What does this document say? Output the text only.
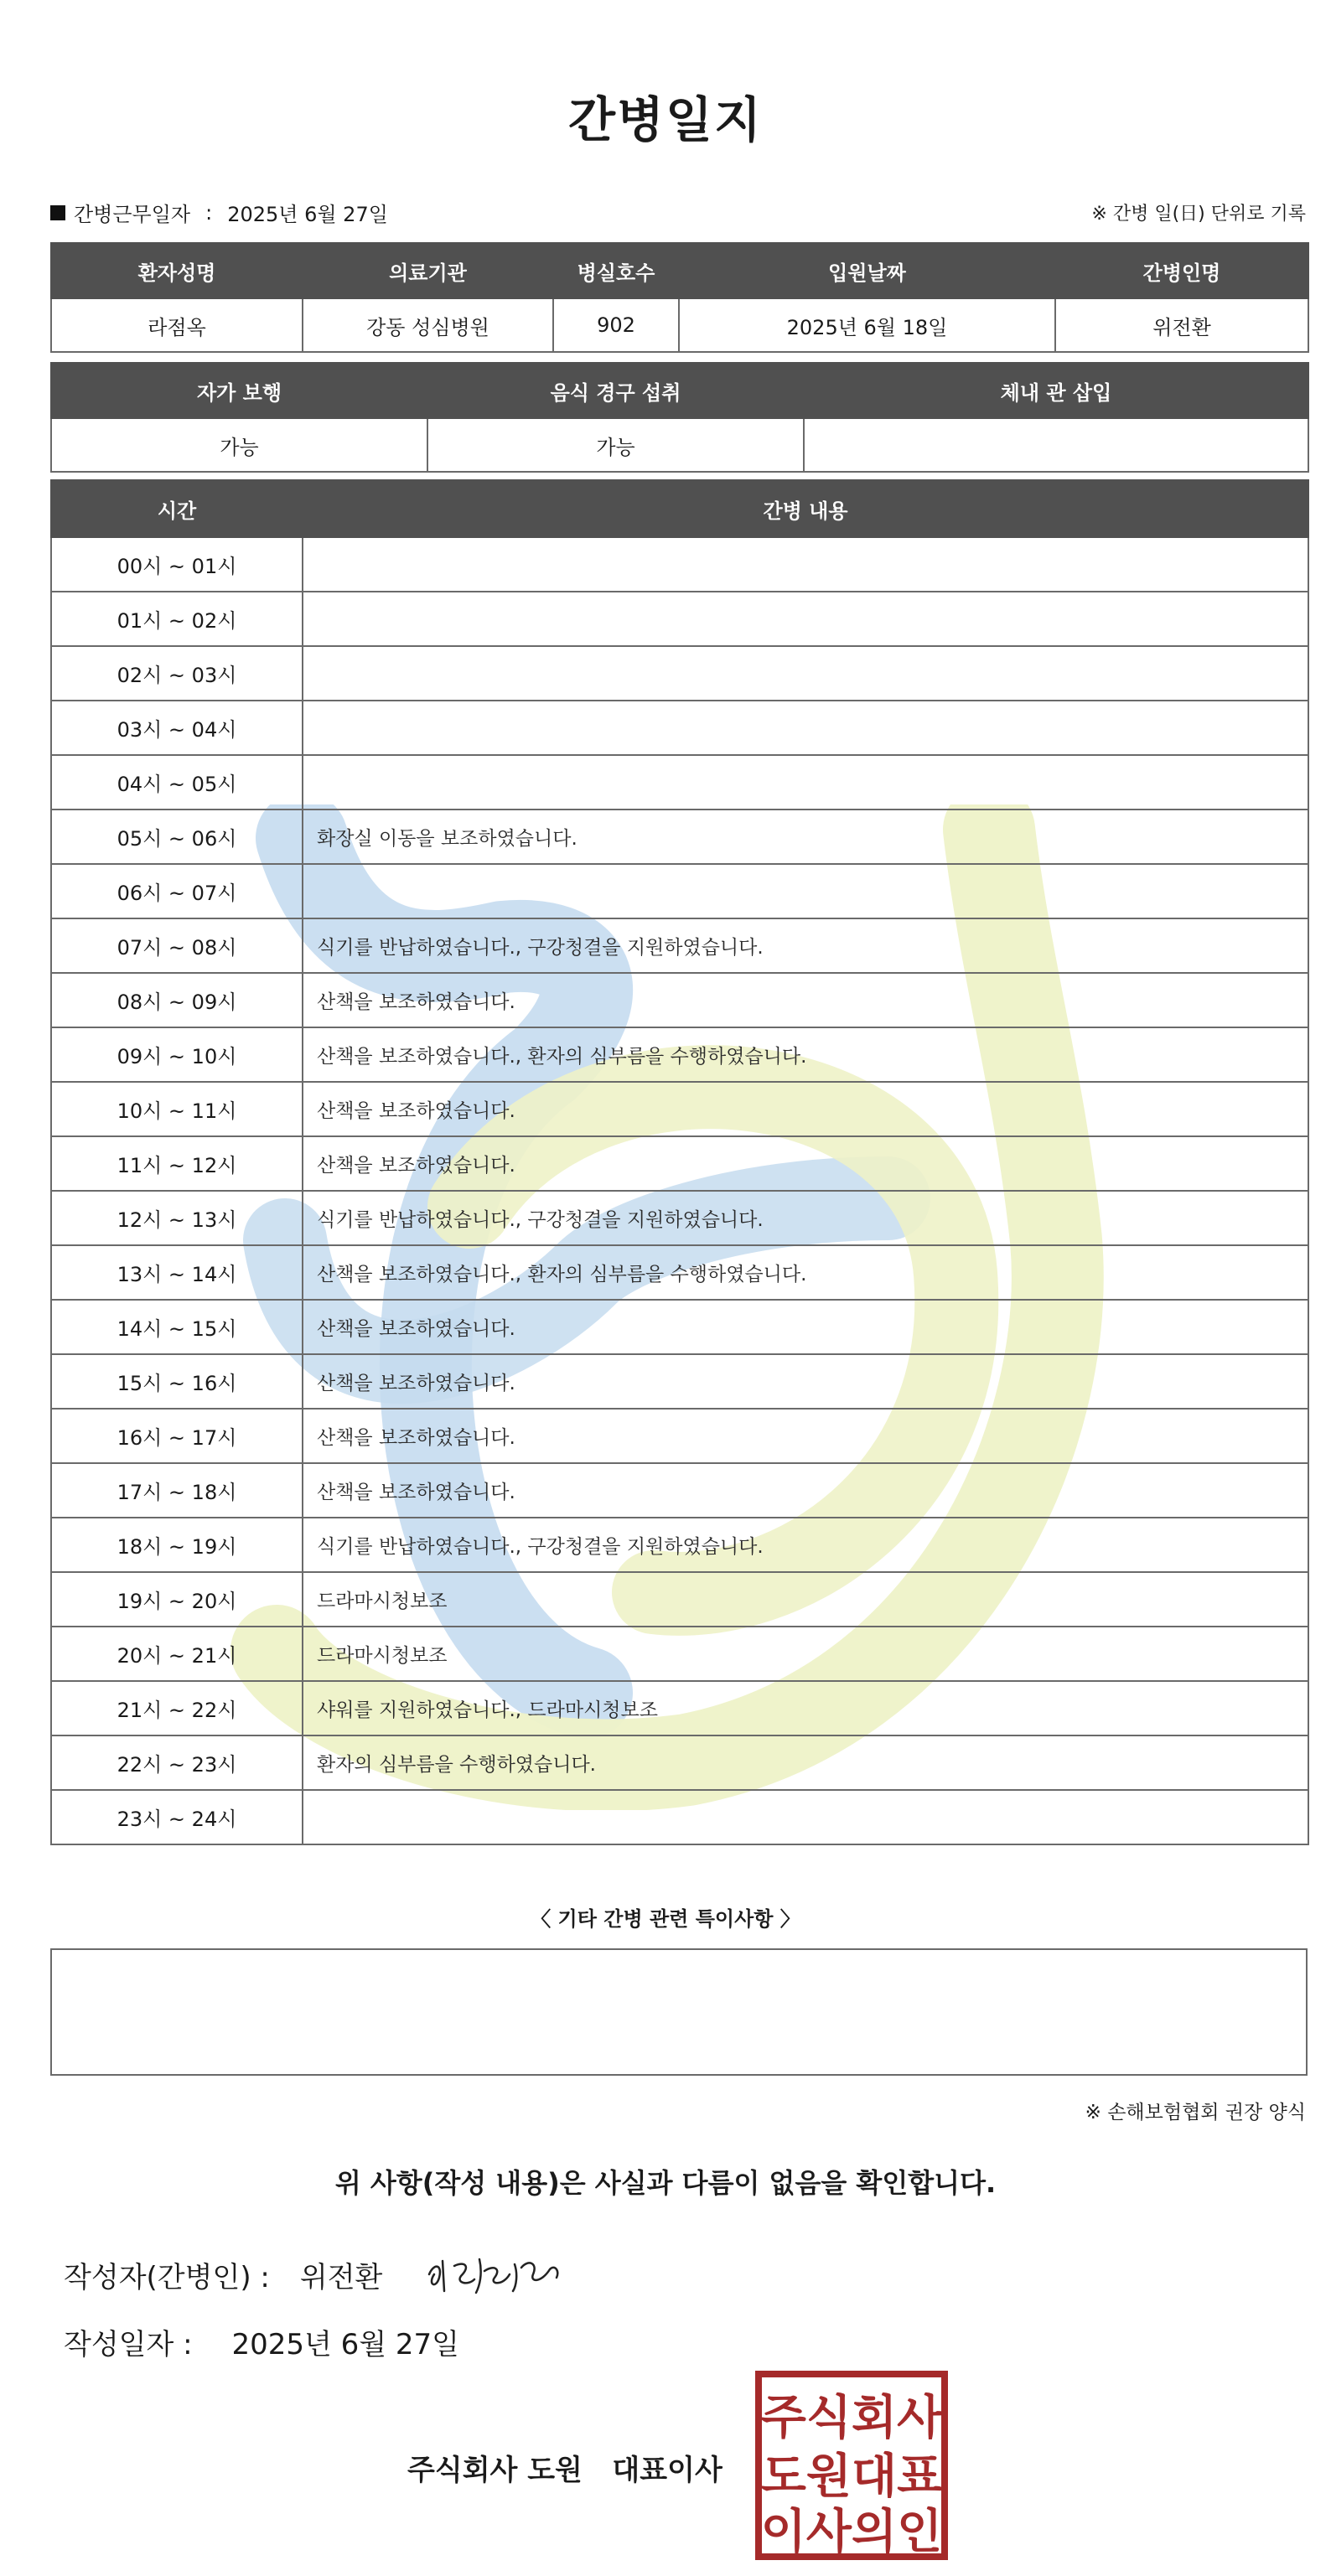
간병일지
간병근무일자 : 2025년 6월 27일	※ 간병 일(日) 단위로 기록
환자성명	의료기관	병실호수	입원날짜	간병인명
라점옥	강동 성심병원	902	2025년 6월 18일	위전환
자가 보행	음식 경구 섭취	체내 관 삽입
가능	가능	
시간	간병 내용
00시 ~ 01시	
01시 ~ 02시	
02시 ~ 03시	
03시 ~ 04시	
04시 ~ 05시	
05시 ~ 06시	화장실 이동을 보조하였습니다.
06시 ~ 07시	
07시 ~ 08시	식기를 반납하였습니다., 구강청결을 지원하였습니다.
08시 ~ 09시	산책을 보조하였습니다.
09시 ~ 10시	산책을 보조하였습니다., 환자의 심부름을 수행하였습니다.
10시 ~ 11시	산책을 보조하였습니다.
11시 ~ 12시	산책을 보조하였습니다.
12시 ~ 13시	식기를 반납하였습니다., 구강청결을 지원하였습니다.
13시 ~ 14시	산책을 보조하였습니다., 환자의 심부름을 수행하였습니다.
14시 ~ 15시	산책을 보조하였습니다.
15시 ~ 16시	산책을 보조하였습니다.
16시 ~ 17시	산책을 보조하였습니다.
17시 ~ 18시	산책을 보조하였습니다.
18시 ~ 19시	식기를 반납하였습니다., 구강청결을 지원하였습니다.
19시 ~ 20시	드라마시청보조
20시 ~ 21시	드라마시청보조
21시 ~ 22시	샤워를 지원하였습니다., 드라마시청보조
22시 ~ 23시	환자의 심부름을 수행하였습니다.
23시 ~ 24시	
〈 기타 간병 관련 특이사항 〉
※ 손해보험협회 권장 양식
위 사항(작성 내용)은 사실과 다름이 없음을 확인합니다.
작성자(간병인) : 위전환
작성일자 : 2025년 6월 27일
주식회사 도원   대표이사
주식회사
도원대표
이사의인
